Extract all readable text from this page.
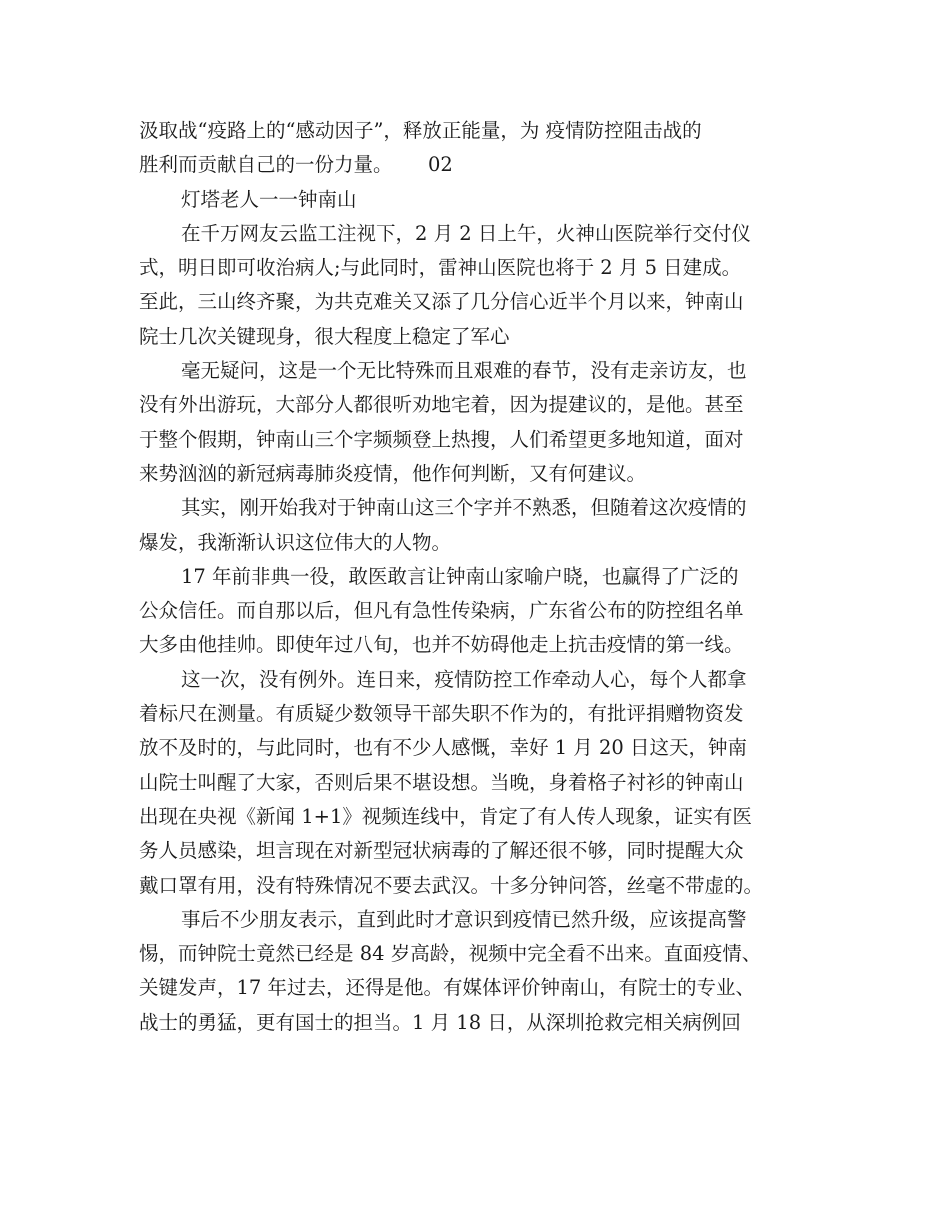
汲取战“疫路上的“感动因子”，释放正能量，为 疫情防控阻击战的
胜利而贡献自己的一份力量。　　 02
灯塔老人一一钟南山
在千万网友云监工注视下，2 月 2 日上午，火神山医院举行交付仪
式，明日即可收治病人;与此同时，雷神山医院也将于 2 月 5 日建成。
至此，三山终齐聚，为共克难关又添了几分信心近半个月以来，钟南山
院士几次关键现身，很大程度上稳定了军心
毫无疑问，这是一个无比特殊而且艰难的春节，没有走亲访友，也
没有外出游玩，大部分人都很听劝地宅着，因为提建议的，是他。甚至
于整个假期，钟南山三个字频频登上热搜，人们希望更多地知道，面对
来势汹汹的新冠病毒肺炎疫情，他作何判断，又有何建议。
其实，刚开始我对于钟南山这三个字并不熟悉，但随着这次疫情的
爆发，我渐渐认识这位伟大的人物。
17 年前非典一役，敢医敢言让钟南山家喻户晓，也赢得了广泛的
公众信任。而自那以后，但凡有急性传染病，广东省公布的防控组名单
大多由他挂帅。即使年过八旬，也并不妨碍他走上抗击疫情的第一线。
这一次，没有例外。连日来，疫情防控工作牵动人心，每个人都拿
着标尺在测量。有质疑少数领导干部失职不作为的，有批评捐赠物资发
放不及时的，与此同时，也有不少人感慨，幸好 1 月 20 日这天，钟南
山院士叫醒了大家，否则后果不堪设想。当晚，身着格子衬衫的钟南山
出现在央视《新闻 1+1》视频连线中，肯定了有人传人现象，证实有医
务人员感染，坦言现在对新型冠状病毒的了解还很不够，同时提醒大众
戴口罩有用，没有特殊情况不要去武汉。十多分钟问答，丝毫不带虚的。
事后不少朋友表示，直到此时才意识到疫情已然升级，应该提高警
惕，而钟院士竟然已经是 84 岁高龄，视频中完全看不出来。直面疫情、
关键发声，17 年过去，还得是他。有媒体评价钟南山，有院士的专业、
战士的勇猛，更有国士的担当。1 月 18 日，从深圳抢救完相关病例回
